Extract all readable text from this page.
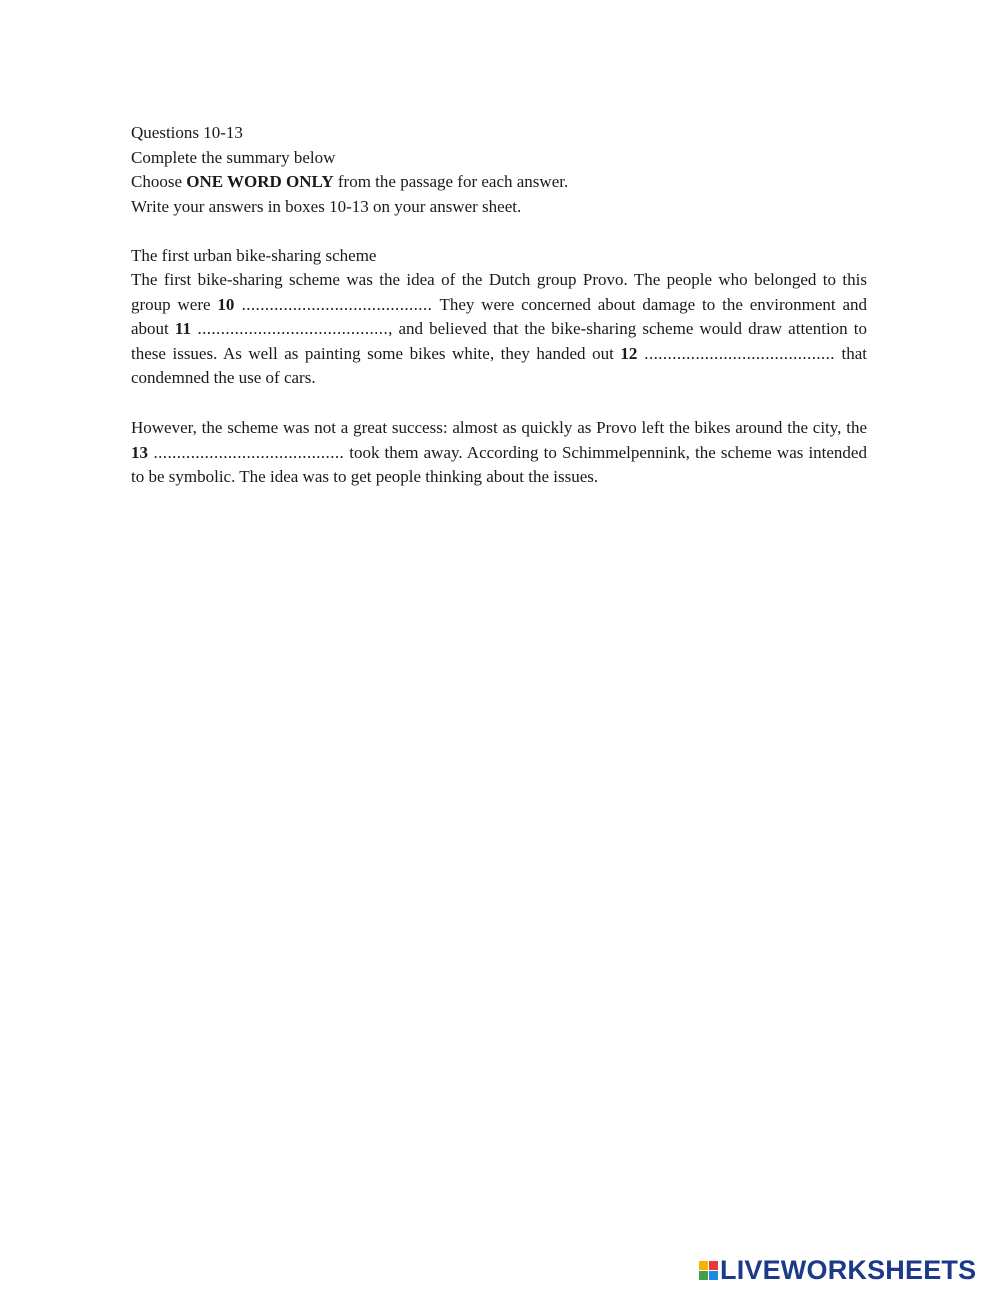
Questions 10-13
Complete the summary below
Choose ONE WORD ONLY from the passage for each answer.
Write your answers in boxes 10-13 on your answer sheet.
The first urban bike-sharing scheme
The first bike-sharing scheme was the idea of the Dutch group Provo. The people who belonged to this group were 10 ......................................... They were concerned about damage to the environment and about 11 ........................................., and believed that the bike-sharing scheme would draw attention to these issues. As well as painting some bikes white, they handed out 12 ......................................... that condemned the use of cars.
However, the scheme was not a great success: almost as quickly as Provo left the bikes around the city, the 13 ......................................... took them away. According to Schimmelpennink, the scheme was intended to be symbolic. The idea was to get people thinking about the issues.
LIVEWORKSHEETS
